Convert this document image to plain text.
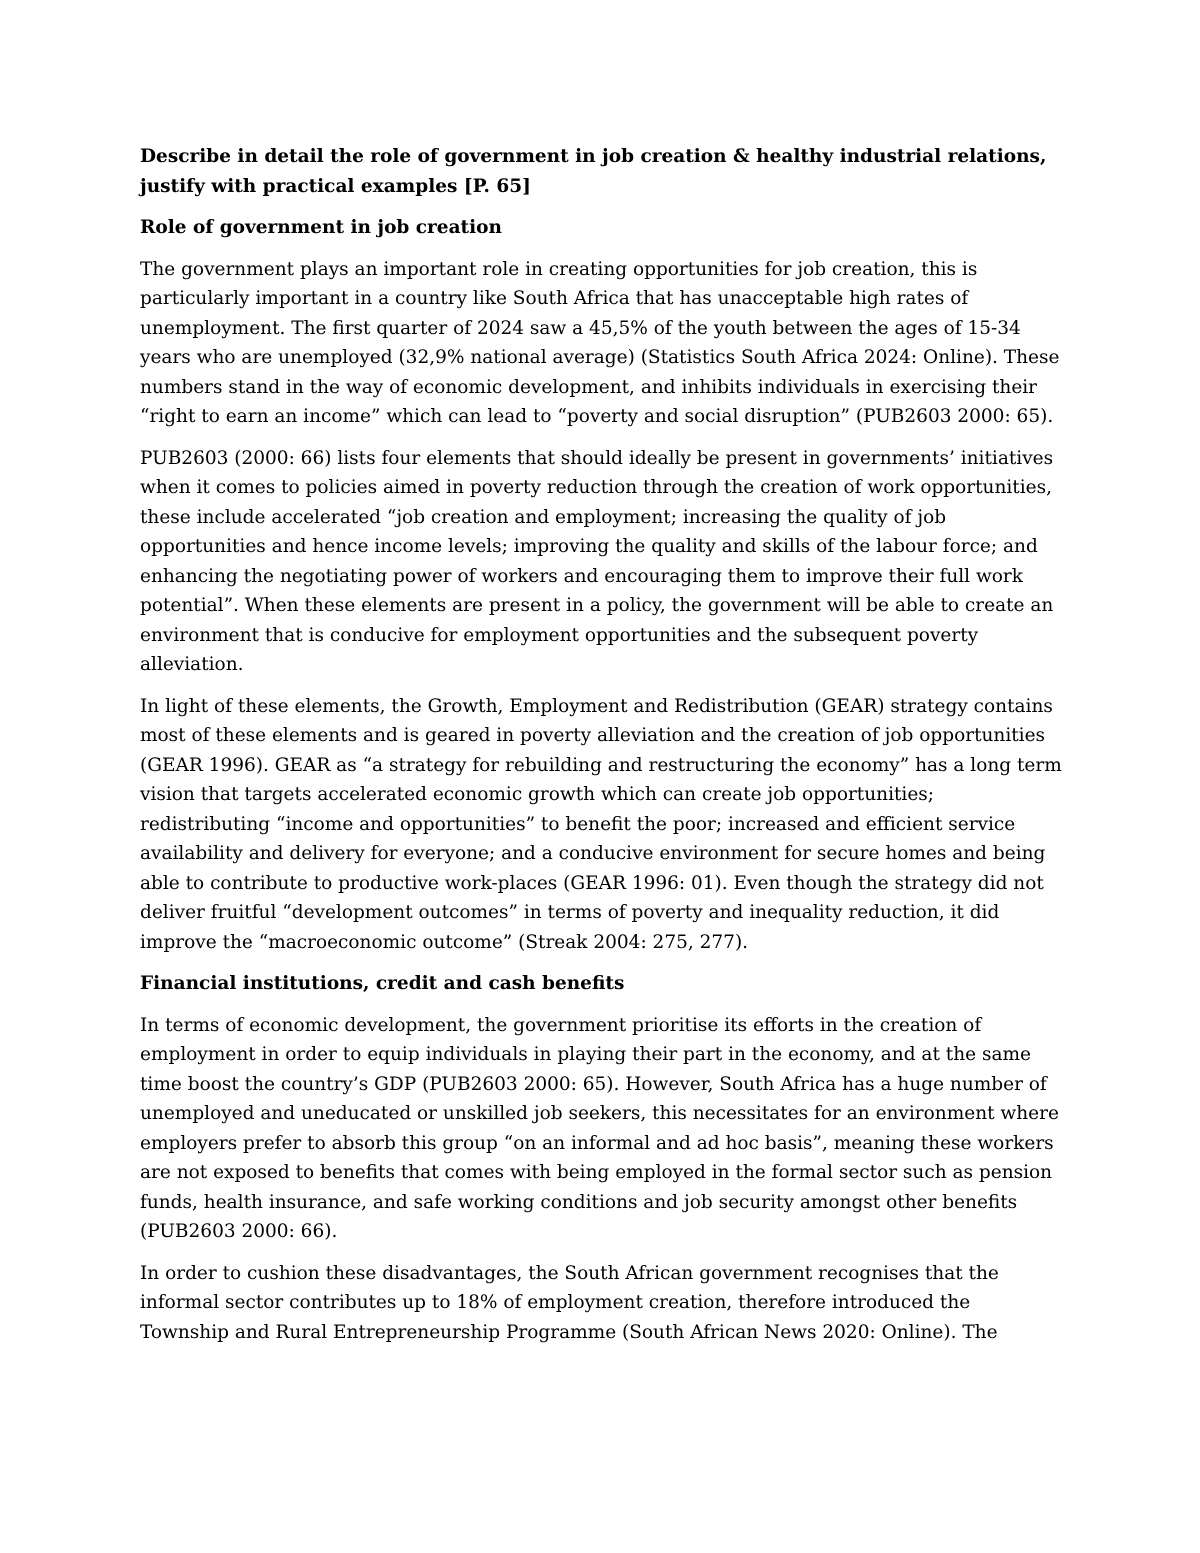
Describe in detail the role of government in job creation & healthy industrial relations, justify with practical examples [P. 65]
Role of government in job creation

The government plays an important role in creating opportunities for job creation, this is particularly important in a country like South Africa that has unacceptable high rates of unemployment. The first quarter of 2024 saw a 45,5% of the youth between the ages of 15-34 years who are unemployed (32,9% national average) (Statistics South Africa 2024: Online). These numbers stand in the way of economic development, and inhibits individuals in exercising their “right to earn an income” which can lead to “poverty and social disruption” (PUB2603 2000: 65).

PUB2603 (2000: 66) lists four elements that should ideally be present in governments’ initiatives when it comes to policies aimed in poverty reduction through the creation of work opportunities, these include accelerated “job creation and employment; increasing the quality of job opportunities and hence income levels; improving the quality and skills of the labour force; and enhancing the negotiating power of workers and encouraging them to improve their full work potential”. When these elements are present in a policy, the government will be able to create an environment that is conducive for employment opportunities and the subsequent poverty alleviation.

In light of these elements, the Growth, Employment and Redistribution (GEAR) strategy contains most of these elements and is geared in poverty alleviation and the creation of job opportunities (GEAR 1996). GEAR as “a strategy for rebuilding and restructuring the economy” has a long term vision that targets accelerated economic growth which can create job opportunities; redistributing “income and opportunities” to benefit the poor; increased and efficient service availability and delivery for everyone; and a conducive environment for secure homes and being able to contribute to productive work-places (GEAR 1996: 01). Even though the strategy did not deliver fruitful “development outcomes” in terms of poverty and inequality reduction, it did improve the “macroeconomic outcome” (Streak 2004: 275, 277).

Financial institutions, credit and cash benefits

In terms of economic development, the government prioritise its efforts in the creation of employment in order to equip individuals in playing their part in the economy, and at the same time boost the country’s GDP (PUB2603 2000: 65). However, South Africa has a huge number of unemployed and uneducated or unskilled job seekers, this necessitates for an environment where employers prefer to absorb this group “on an informal and ad hoc basis”, meaning these workers are not exposed to benefits that comes with being employed in the formal sector such as pension funds, health insurance, and safe working conditions and job security amongst other benefits (PUB2603 2000: 66).

In order to cushion these disadvantages, the South African government recognises that the informal sector contributes up to 18% of employment creation, therefore introduced the Township and Rural Entrepreneurship Programme (South African News 2020: Online). The
